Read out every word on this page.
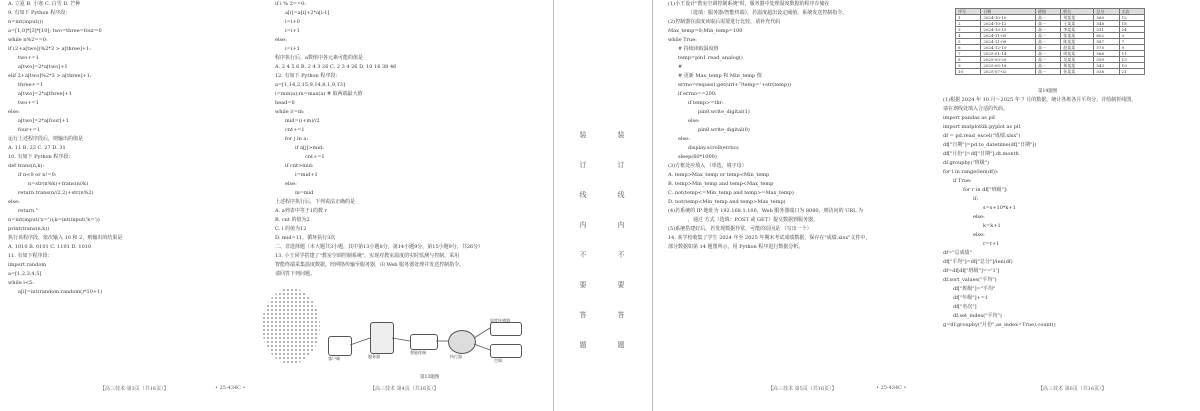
A. 立夏 B. 小寒 C. 白雪 D. 芒种
9. 有如下 Python 程序段：
n=int(input())
a=[1,0]*[3]*[10]; two=three=four=0
while n%2==0:
if (2+a[two])%2*3 > a[three]+1:
two+=1
a[two]=2*a[two]+1
elif 2+a[two]%2*3 > a[three]+1:
three+=1
a[two]=2*a[three]+1
two+=1
else:
a[two]=2*a[four]+1
four+=1
运行上述程序段后，则输出的值是
A. 11 B. 22 C. 27 D. 31
10. 有如下 Python 程序段：
def trans(n,k):
if n<0 or n!=0:
n=str(n%k)+trans(n//k)
return trans(n//2,2)+str(n%2)
else:
return ''
n=int(input('x='));k=int(input('k='))
print(trans(n,k))
执行该程序段，依次输入 10 和 2，则输出的结果是
A. 1010 B. 0101 C. 1101 D. 1010
11. 有如下程序段：
import random
a=[1,2,3,4,5]
while i<5:
a[i]=int(random.random()*10+1)
if i % 2==0:
a[i]=a[i]+2*a[i-1]
i=i+0
i=i+1
else:
i=i+1
程序执行后，a数组中各元素可能的值是
A. 2 4 5 6 B. 2 4 3 26 C. 2 3 4 26 D. 10 16 38 46
12. 有如下 Python 程序段：
a=[1,14,2,15,9,14,8,1,9,13]
i=min(a);m=max(a) # 取两端最大值
head=0
while i!=m:
mid=(i+m)//2
cnt+=1
for j in a:
if a[j]>mid:
cnt+=1
if cnt>mid:
i=mid+1
else:
m=mid
上述程序执行后，下列说法正确的是
A. a列表中等于1的数 r
B. cnt 的值为2
C. i 的值为12
D. mid=11，循环执行3次
二、非选择题（本大题共3小题，其中第13小题8分，第14小题9分，第15小题9分，共26分）
13. 小王同学搭建了"教室空调控制系统"，实现对教室温度的实时监测与控制，采用
智能终端采集温度数据，经网络传输至服务器，由 Web 服务器处理并发送控制指令。
请回答下列问题。
客户端	服务器
智能终端
执行器
温度传感器
空调
第13题图
【高三技术 第3页（共16页）】	• 25-434C •	【高三技术 第4页（共16页）】
装
订
线
内
不
要
答
题
装
订
线
内
不
要
答
题
(1)小王设计"教室空调控制系统"时，服务器中处理温度数据的程序存储在
（选填：服务器/智能终端），若温度超出设定阈值，系统发送控制指令。
(2)控制器在温度读取后需要进行比较，请补充代码
Max_temp=0;Min_temp=100
while True:
# 持续读取温度值
temp=pin1.read_analog()
#
# 更新 Max_temp 和 Min_temp 值
errno=request.get(url+'?temp='+str(temp))
if errno==200:
if temp>=thr:
pin8.write_digital(1)
else:
pin8.write_digital(0)
else:
display.scroll(errno)
sleep(60*1000)
(3)方框处应填入 （单选，填字母）
A. temp>Max_temp or temp<Min_temp
B. temp>Min_temp and temp<Max_temp
C. not(temp<=Min_temp and temp>=Max_temp)
D. not(temp<Min_temp and temp>Max_temp)
(4)若系统的 IP 地址为 192.168.1.100，Web 服务器端口为 8080，则访问的 URL 为
，通过 方式（选填：POST 或 GET）提交数据到服务器。
(5)系统搭建好后，若发现数据异常，可能的原因是 （写出一个）
14. 某学校收集了学生 2024 年至 2025 年期末考试成绩数据，保存在"成绩.xlsx"文件中，
部分数据如第 14 题图所示，用 Python 程序进行数据分析。
(1)根据 2024 年 10 月～2025 年 7 月的数据，统计各班各月平均分，并绘制折线图，
请在划线处填入合适的代码。
import pandas as pd
import matplotlib.pyplot as plt
df = pd.read_excel("成绩.xlsx")
df["日期"]=pd.to_datetime(df["日期"])
df["月份"]=df["日期"].dt.month
df.groupby("班级")
for i in range(len(df)):
if True:
for r in df["班级"]:
if:
s=s+10*k+1
else:
k=k+1
else:
r=r+1
df="总成绩"
df["平均"]=df["总分"]/len(df)
df=df[df["班级"]=='1']
df.sort_values("平均")
df["班级"]="平均"
df["年级"]+=1
df["名次"]
df.set_index("平均")
g=df.groupby("月份",as_index=True).count()
序号	日期	班级	姓名	总分	名次
1	2024-10-10	高一	刘某某	560	12
2	2024-10-12	高一	王某某	548	18
3	2024-10-15	高一	李某某	531	24
4	2024-11-05	高一	张某某	602	3
5	2024-11-08	高一	陈某某	587	7
6	2024-12-10	高一	赵某某	575	9
7	2025-01-14	高一	周某某	566	11
8	2025-03-20	高一	吴某某	559	13
9	2025-05-18	高一	郑某某	543	19
10	2025-07-02	高一	孙某某	538	21
第14题图
【高三技术 第5页（共16页）】	• 25-434C •	【高三技术 第6页（共16页）】
